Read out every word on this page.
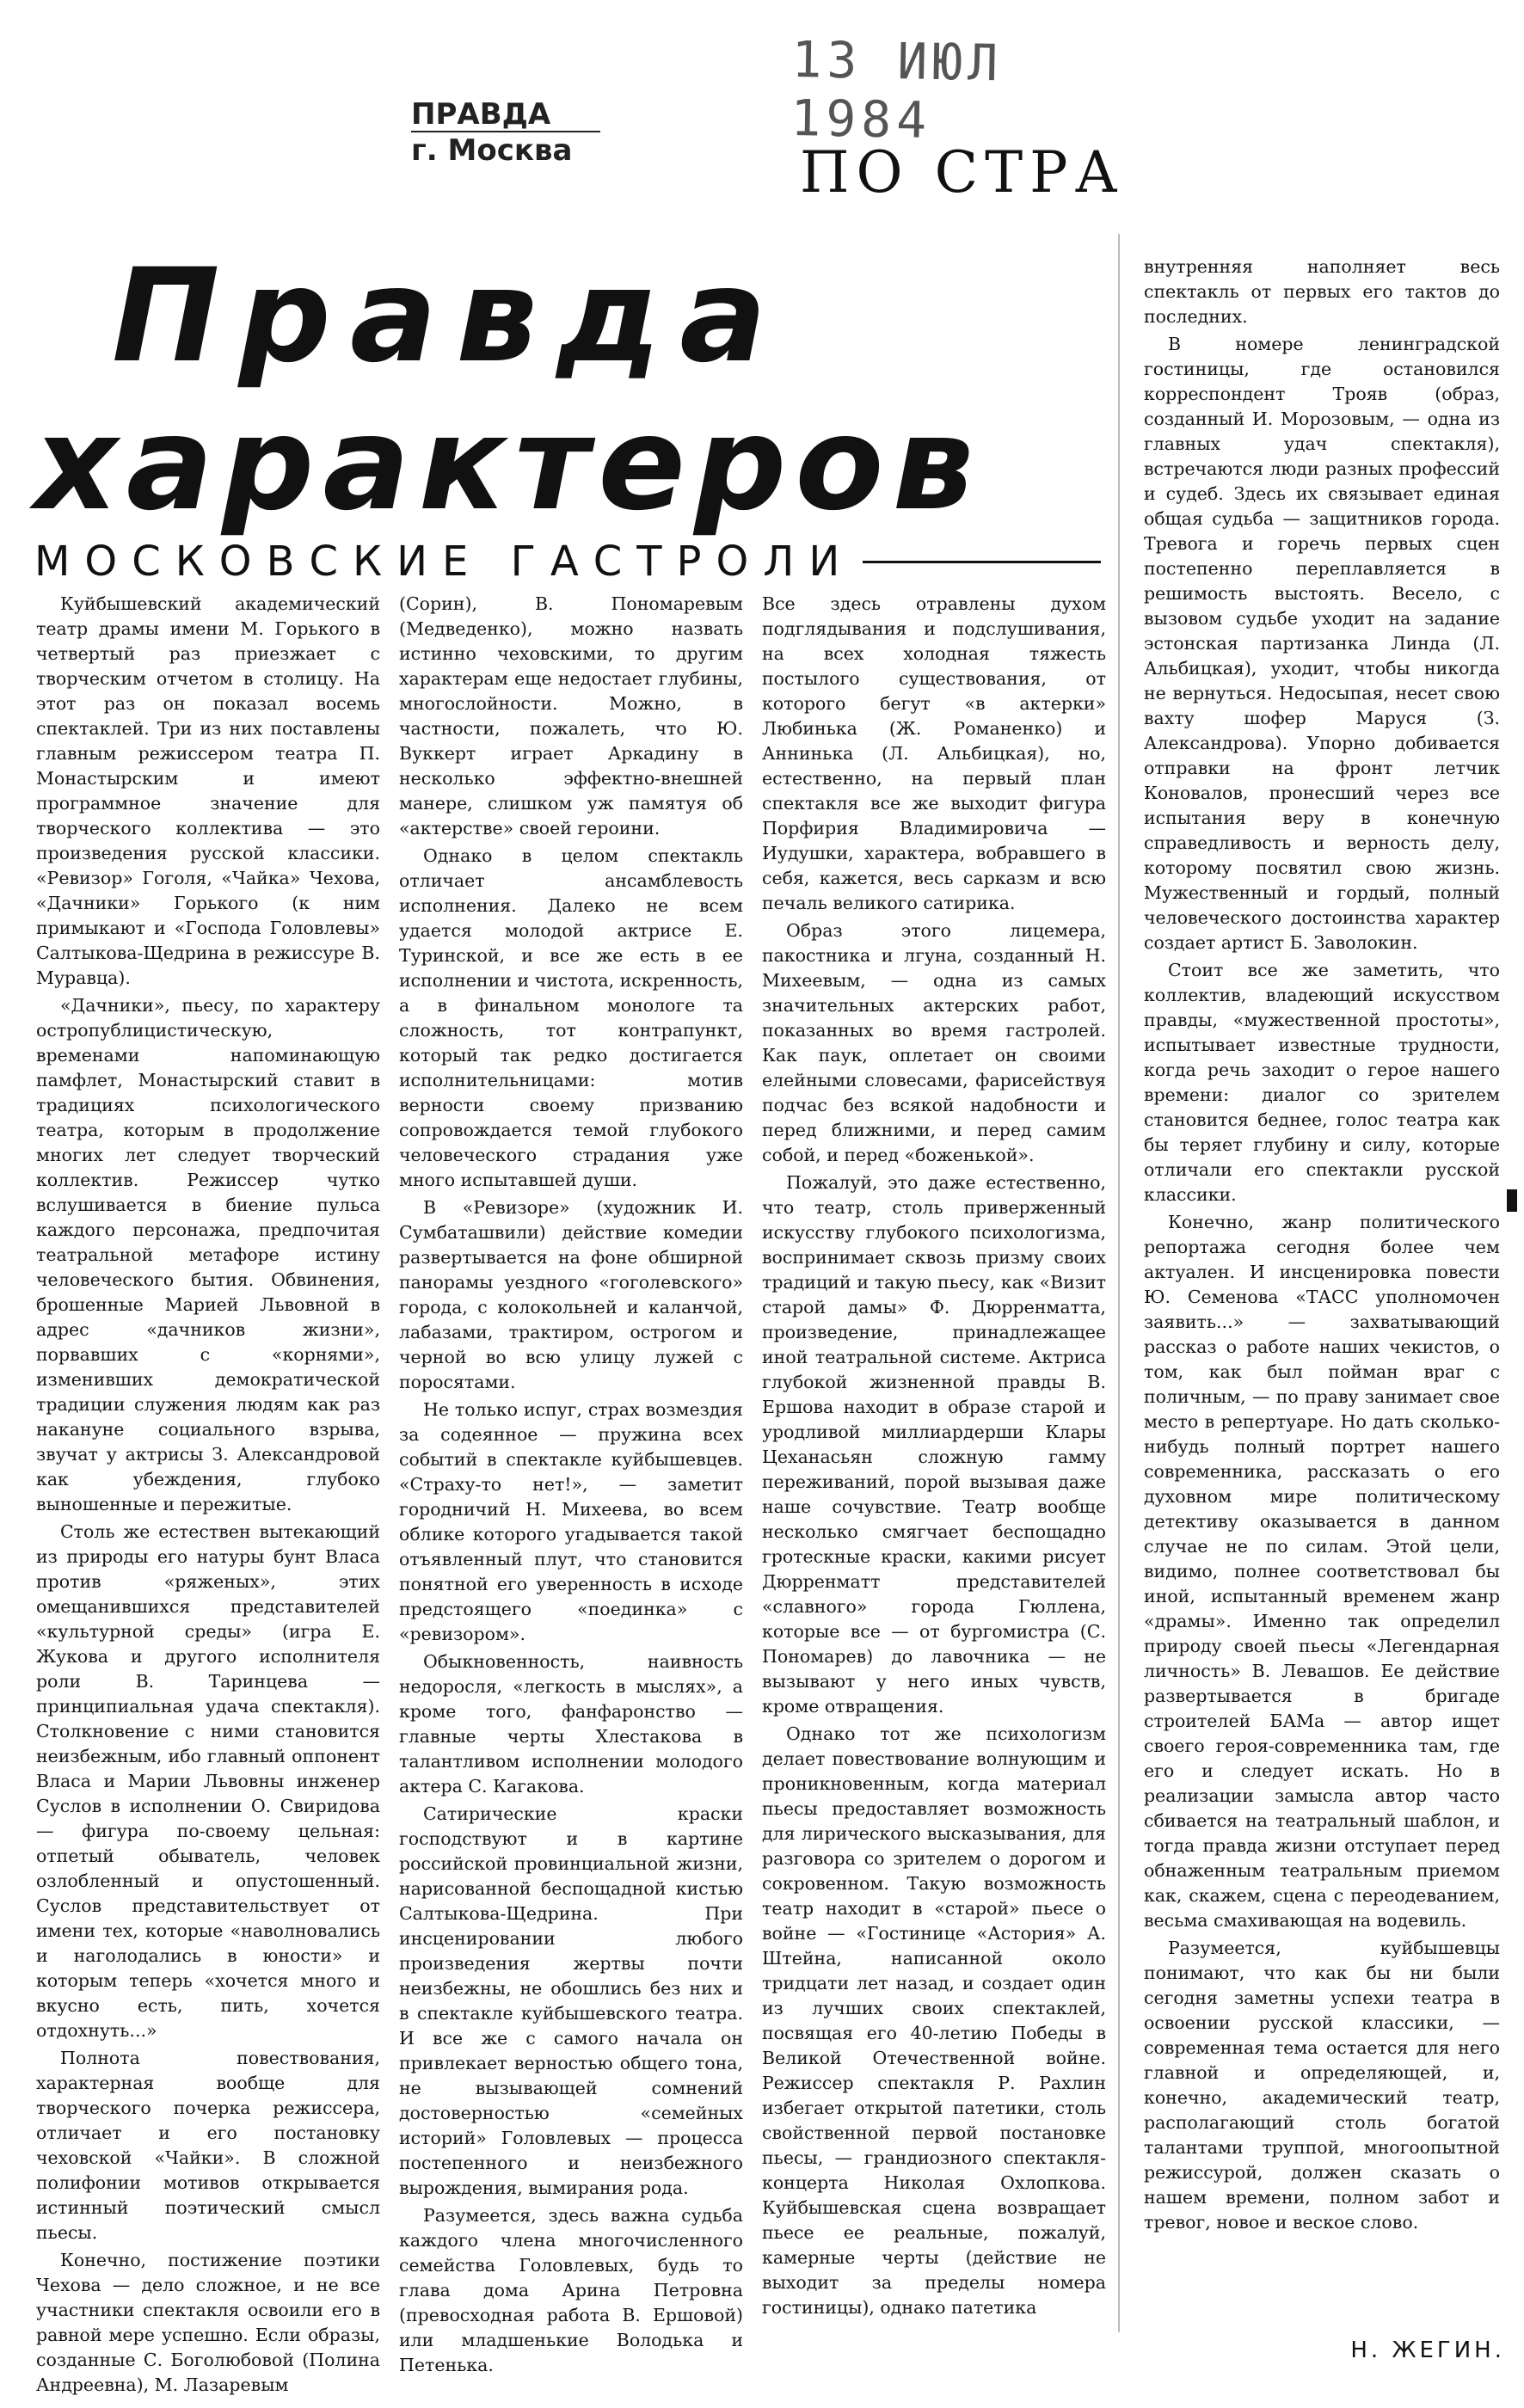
13 ИЮЛ 1984
ПРАВДА
г. Москва	ПО СТРА
Правда
характеров
МОСКОВСКИЕ ГАСТРОЛИ

Куйбышевский академический театр драмы имени М. Горького в четвертый раз приезжает с творческим отчетом в столицу. На этот раз он показал восемь спектаклей. Три из них поставлены главным режиссером театра П. Монастырским и имеют программное значение для творческого коллектива — это произведения русской классики. «Ревизор» Гоголя, «Чайка» Чехова, «Дачники» Горького (к ним примыкают и «Господа Головлевы» Салтыкова-Щедрина в режиссуре В. Муравца).

«Дачники», пьесу, по характеру остропублицистическую, временами напоминающую памфлет, Монастырский ставит в традициях психологического театра, которым в продолжение многих лет следует творческий коллектив. Режиссер чутко вслушивается в биение пульса каждого персонажа, предпочитая театральной метафоре истину человеческого бытия. Обвинения, брошенные Марией Львовной в адрес «дачников жизни», порвавших с «корнями», изменивших демократической традиции служения людям как раз накануне социального взрыва, звучат у актрисы З. Александровой как убеждения, глубоко выношенные и пережитые.

Столь же естествен вытекающий из природы его натуры бунт Власа против «ряженых», этих омещанившихся представителей «культурной среды» (игра Е. Жукова и другого исполнителя роли В. Таринцева — принципиальная удача спектакля). Столкновение с ними становится неизбежным, ибо главный оппонент Власа и Марии Львовны инженер Суслов в исполнении О. Свиридова — фигура по-своему цельная: отпетый обыватель, человек озлобленный и опустошенный. Суслов представительствует от имени тех, которые «наволновались и наголодались в юности» и которым теперь «хочется много и вкусно есть, пить, хочется отдохнуть...»

Полнота повествования, характерная вообще для творческого почерка режиссера, отличает и его постановку чеховской «Чайки». В сложной полифонии мотивов открывается истинный поэтический смысл пьесы.

Конечно, постижение поэтики Чехова — дело сложное, и не все участники спектакля освоили его в равной мере успешно. Если образы, созданные С. Боголюбовой (Полина Андреевна), М. Лазаревым

(Сорин), В. Пономаревым (Медведенко), можно назвать истинно чеховскими, то другим характерам еще недостает глубины, многослойности. Можно, в частности, пожалеть, что Ю. Вуккерт играет Аркадину в несколько эффектно-внешней манере, слишком уж памятуя об «актерстве» своей героини.

Однако в целом спектакль отличает ансамблевость исполнения. Далеко не всем удается молодой актрисе Е. Туринской, и все же есть в ее исполнении и чистота, искренность, а в финальном монологе та сложность, тот контрапункт, который так редко достигается исполнительницами: мотив верности своему призванию сопровождается темой глубокого человеческого страдания уже много испытавшей души.

В «Ревизоре» (художник И. Сумбаташвили) действие комедии развертывается на фоне обширной панорамы уездного «гоголевского» города, с колокольней и каланчой, лабазами, трактиром, острогом и черной во всю улицу лужей с поросятами.

Не только испуг, страх возмездия за содеянное — пружина всех событий в спектакле куйбышевцев. «Страху-то нет!», — заметит городничий Н. Михеева, во всем облике которого угадывается такой отъявленный плут, что становится понятной его уверенность в исходе предстоящего «поединка» с «ревизором».

Обыкновенность, наивность недоросля, «легкость в мыслях», а кроме того, фанфаронство — главные черты Хлестакова в талантливом исполнении молодого актера С. Кагакова.

Сатирические краски господствуют и в картине российской провинциальной жизни, нарисованной беспощадной кистью Салтыкова-Щедрина. При инсценировании любого произведения жертвы почти неизбежны, не обошлись без них и в спектакле куйбышевского театра. И все же с самого начала он привлекает верностью общего тона, не вызывающей сомнений достоверностью «семейных историй» Головлевых — процесса постепенного и неизбежного вырождения, вымирания рода.

Разумеется, здесь важна судьба каждого члена многочисленного семейства Головлевых, будь то глава дома Арина Петровна (превосходная работа В. Ершовой) или младшенькие Володька и Петенька.

Все здесь отравлены духом подглядывания и подслушивания, на всех холодная тяжесть постылого существования, от которого бегут «в актерки» Любинька (Ж. Романенко) и Аннинька (Л. Альбицкая), но, естественно, на первый план спектакля все же выходит фигура Порфирия Владимировича — Иудушки, характера, вобравшего в себя, кажется, весь сарказм и всю печаль великого сатирика.

Образ этого лицемера, пакостника и лгуна, созданный Н. Михеевым, — одна из самых значительных актерских работ, показанных во время гастролей. Как паук, оплетает он своими елейными словесами, фарисействуя подчас без всякой надобности и перед ближними, и перед самим собой, и перед «боженькой».

Пожалуй, это даже естественно, что театр, столь приверженный искусству глубокого психологизма, воспринимает сквозь призму своих традиций и такую пьесу, как «Визит старой дамы» Ф. Дюрренматта, произведение, принадлежащее иной театральной системе. Актриса глубокой жизненной правды В. Ершова находит в образе старой и уродливой миллиардерши Клары Цеханасьян сложную гамму переживаний, порой вызывая даже наше сочувствие. Театр вообще несколько смягчает беспощадно гротескные краски, какими рисует Дюрренматт представителей «славного» города Гюллена, которые все — от бургомистра (С. Пономарев) до лавочника — не вызывают у него иных чувств, кроме отвращения.

Однако тот же психологизм делает повествование волнующим и проникновенным, когда материал пьесы предоставляет возможность для лирического высказывания, для разговора со зрителем о дорогом и сокровенном. Такую возможность театр находит в «старой» пьесе о войне — «Гостинице «Астория» А. Штейна, написанной около тридцати лет назад, и создает один из лучших своих спектаклей, посвящая его 40-летию Победы в Великой Отечественной войне. Режиссер спектакля Р. Рахлин избегает открытой патетики, столь свойственной первой постановке пьесы, — грандиозного спектакля-концерта Николая Охлопкова. Куйбышевская сцена возвращает пьесе ее реальные, пожалуй, камерные черты (действие не выходит за пределы номера гостиницы), однако патетика

внутренняя наполняет весь спектакль от первых его тактов до последних.

В номере ленинградской гостиницы, где остановился корреспондент Трояв (образ, созданный И. Морозовым, — одна из главных удач спектакля), встречаются люди разных профессий и судеб. Здесь их связывает единая общая судьба — защитников города. Тревога и горечь первых сцен постепенно переплавляется в решимость выстоять. Весело, с вызовом судьбе уходит на задание эстонская партизанка Линда (Л. Альбицкая), уходит, чтобы никогда не вернуться. Недосыпая, несет свою вахту шофер Маруся (З. Александрова). Упорно добивается отправки на фронт летчик Коновалов, пронесший через все испытания веру в конечную справедливость и верность делу, которому посвятил свою жизнь. Мужественный и гордый, полный человеческого достоинства характер создает артист Б. Заволокин.

Стоит все же заметить, что коллектив, владеющий искусством правды, «мужественной простоты», испытывает известные трудности, когда речь заходит о герое нашего времени: диалог со зрителем становится беднее, голос театра как бы теряет глубину и силу, которые отличали его спектакли русской классики.

Конечно, жанр политического репортажа сегодня более чем актуален. И инсценировка повести Ю. Семенова «ТАСС уполномочен заявить...» — захватывающий рассказ о работе наших чекистов, о том, как был пойман враг с поличным, — по праву занимает свое место в репертуаре. Но дать сколько-нибудь полный портрет нашего современника, рассказать о его духовном мире политическому детективу оказывается в данном случае не по силам. Этой цели, видимо, полнее соответствовал бы иной, испытанный временем жанр «драмы». Именно так определил природу своей пьесы «Легендарная личность» В. Левашов. Ее действие развертывается в бригаде строителей БАМа — автор ищет своего героя-современника там, где его и следует искать. Но в реализации замысла автор часто сбивается на театральный шаблон, и тогда правда жизни отступает перед обнаженным театральным приемом как, скажем, сцена с переодеванием, весьма смахивающая на водевиль.

Разумеется, куйбышевцы понимают, что как бы ни были сегодня заметны успехи театра в освоении русской классики, — современная тема остается для него главной и определяющей, и, конечно, академический театр, располагающий столь богатой талантами труппой, многоопытной режиссурой, должен сказать о нашем времени, полном забот и тревог, новое и веское слово.

Н. ЖЕГИН.
